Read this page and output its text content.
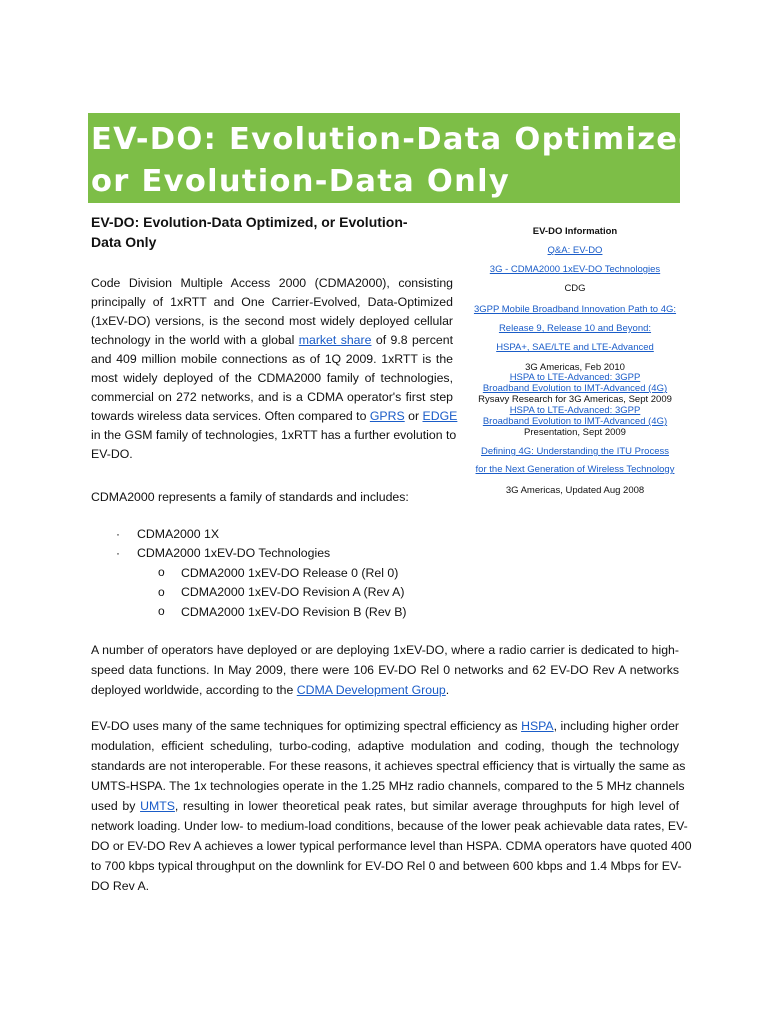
EV-DO: Evolution-Data Optimized,
or Evolution-Data Only
EV-DO: Evolution-Data Optimized, or Evolution-
Data Only
Code Division Multiple Access 2000 (CDMA2000), consisting
principally of 1xRTT and One Carrier-Evolved, Data-Optimized
(1xEV-DO) versions, is the second most widely deployed cellular
technology in the world with a global market share of 9.8 percent
and 409 million mobile connections as of 1Q 2009. 1xRTT is the
most widely deployed of the CDMA2000 family of technologies,
commercial on 272 networks, and is a CDMA operator's first step
towards wireless data services. Often compared to GPRS or EDGE
in the GSM family of technologies, 1xRTT has a further evolution to
EV-DO.
CDMA2000 represents a family of standards and includes:
· CDMA2000 1X
· CDMA2000 1xEV-DO Technologies
o CDMA2000 1xEV-DO Release 0 (Rel 0)
o CDMA2000 1xEV-DO Revision A (Rev A)
o CDMA2000 1xEV-DO Revision B (Rev B)
A number of operators have deployed or are deploying 1xEV-DO, where a radio carrier is dedicated to high-
speed data functions. In May 2009, there were 106 EV-DO Rel 0 networks and 62 EV-DO Rev A networks
deployed worldwide, according to the CDMA Development Group.
EV-DO uses many of the same techniques for optimizing spectral efficiency as HSPA, including higher order
modulation, efficient scheduling, turbo-coding, adaptive modulation and coding, though the technology
standards are not interoperable. For these reasons, it achieves spectral efficiency that is virtually the same as
UMTS-HSPA. The 1x technologies operate in the 1.25 MHz radio channels, compared to the 5 MHz channels
used by UMTS, resulting in lower theoretical peak rates, but similar average throughputs for high level of
network loading. Under low- to medium-load conditions, because of the lower peak achievable data rates, EV-
DO or EV-DO Rev A achieves a lower typical performance level than HSPA. CDMA operators have quoted 400
to 700 kbps typical throughput on the downlink for EV-DO Rel 0 and between 600 kbps and 1.4 Mbps for EV-
DO Rev A.
EV-DO Information
Q&A: EV-DO
3G - CDMA2000 1xEV-DO Technologies
CDG
3GPP Mobile Broadband Innovation Path to 4G:
Release 9, Release 10 and Beyond:
HSPA+, SAE/LTE and LTE-Advanced
3G Americas, Feb 2010
HSPA to LTE-Advanced: 3GPP
Broadband Evolution to IMT-Advanced (4G)
Rysavy Research for 3G Americas, Sept 2009
HSPA to LTE-Advanced: 3GPP
Broadband Evolution to IMT-Advanced (4G)
Presentation, Sept 2009
Defining 4G: Understanding the ITU Process
for the Next Generation of Wireless Technology
3G Americas, Updated Aug 2008
